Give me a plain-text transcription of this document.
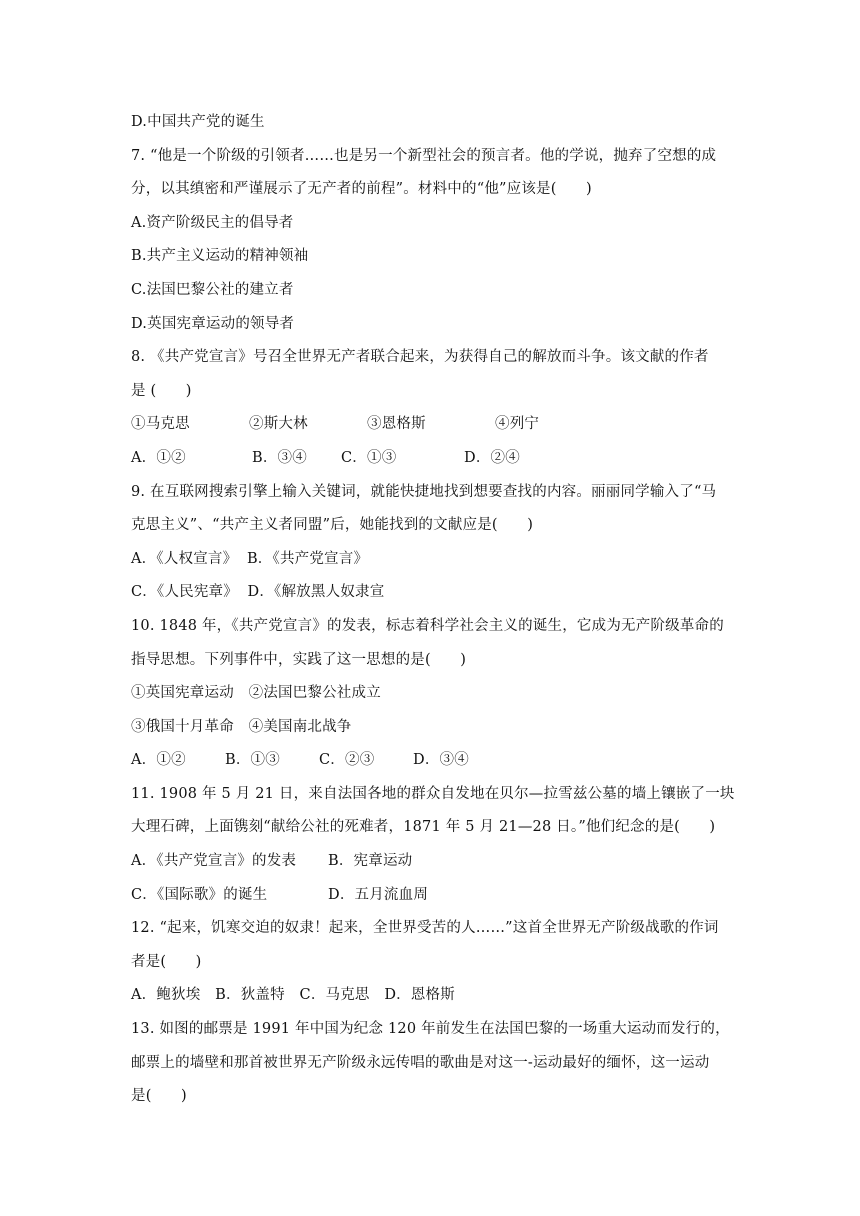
D.中国共产党的诞生
7. “他是一个阶级的引领者……也是另一个新型社会的预言者。他的学说，抛弃了空想的成
分，以其缜密和严谨展示了无产者的前程”。材料中的“他”应该是(　　)
A.资产阶级民主的倡导者
B.共产主义运动的精神领袖
C.法国巴黎公社的建立者
D.英国宪章运动的领导者
8. 《共产党宣言》号召全世界无产者联合起来，为获得自己的解放而斗争。该文献的作者
是 (　　)
①马克思	②斯大林	③恩格斯	④列宁
A．①②	B．③④	C．①③	D．②④
9. 在互联网搜索引擎上输入关键词，就能快捷地找到想要查找的内容。丽丽同学输入了“马
克思主义”、“共产主义者同盟”后，她能找到的文献应是(　　)
A．《人权宣言》  B．《共产党宣言》
C．《人民宪章》  D．《解放黑人奴隶宣
10. 1848 年，《共产党宣言》的发表，标志着科学社会主义的诞生，它成为无产阶级革命的
指导思想。下列事件中，实践了这一思想的是(　　)
①英国宪章运动　②法国巴黎公社成立
③俄国十月革命　④美国南北战争
A．①②	B．①③	C．②③	D．③④
11. 1908 年 5 月 21 日，来自法国各地的群众自发地在贝尔—拉雪兹公墓的墙上镶嵌了一块
大理石碑，上面镌刻“献给公社的死难者，1871 年 5 月 21—28 日。”他们纪念的是(　　)
A．《共产党宣言》的发表	B．宪章运动
C．《国际歌》的诞生	D．五月流血周
12. “起来，饥寒交迫的奴隶！起来，全世界受苦的人……”这首全世界无产阶级战歌的作词
者是(　　)
A．鲍狄埃　B．狄盖特　C．马克思　D．恩格斯
13. 如图的邮票是 1991 年中国为纪念 120 年前发生在法国巴黎的一场重大运动而发行的，
邮票上的墙壁和那首被世界无产阶级永远传唱的歌曲是对这一-运动最好的缅怀，这一运动
是(　　)
